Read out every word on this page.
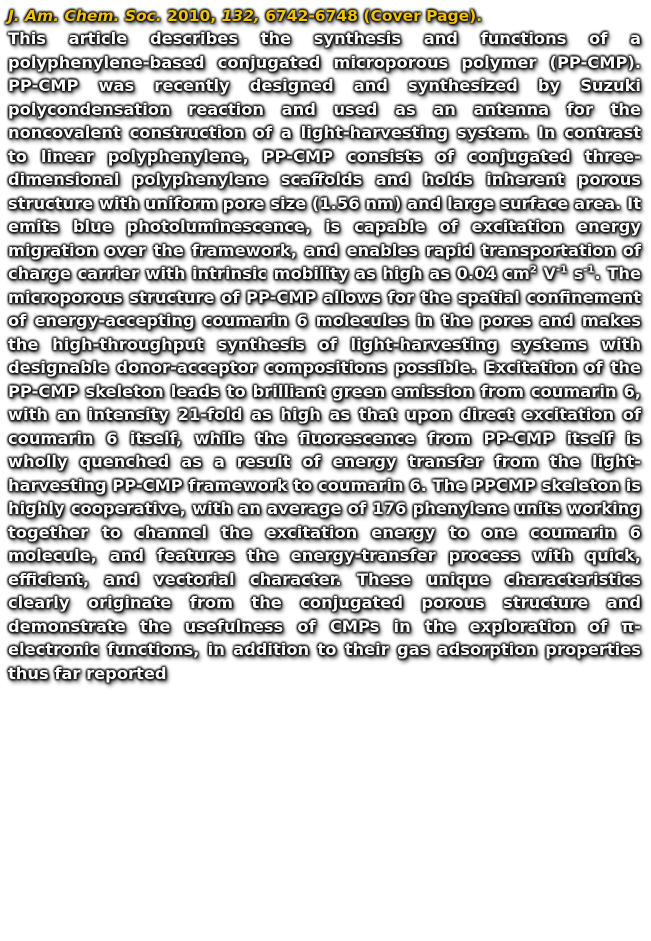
J. Am. Chem. Soc. 2010, 132, 6742-6748 (Cover Page).

This article describes the synthesis and functions of a polyphenylene-based conjugated microporous polymer (PP-CMP). PP-CMP was recently designed and synthesized by Suzuki polycondensation reaction and used as an antenna for the noncovalent construction of a light-harvesting system. In contrast to linear polyphenylene, PP-CMP consists of conjugated three-dimensional polyphenylene scaffolds and holds inherent porous structure with uniform pore size (1.56 nm) and large surface area. It emits blue photoluminescence, is capable of excitation energy migration over the framework, and enables rapid transportation of charge carrier with intrinsic mobility as high as 0.04 $cm^2$ $V^{-1}$ $s^{-1}$. The microporous structure of PP-CMP allows for the spatial confinement of energy-accepting coumarin 6 molecules in the pores and makes the high-throughput synthesis of light-harvesting systems with designable donor-acceptor compositions possible. Excitation of the PP-CMP skeleton leads to brilliant green emission from coumarin 6, with an intensity 21-fold as high as that upon direct excitation of coumarin 6 itself, while the fluorescence from PP-CMP itself is wholly quenched as a result of energy transfer from the light-harvesting PP-CMP framework to coumarin 6. The PPCMP skeleton is highly cooperative, with an average of 176 phenylene units working together to channel the excitation energy to one coumarin 6 molecule, and features the energy-transfer process with quick, efficient, and vectorial character. These unique characteristics clearly originate from the conjugated porous structure and demonstrate the usefulness of CMPs in the exploration of π-electronic functions, in addition to their gas adsorption properties thus far reported
